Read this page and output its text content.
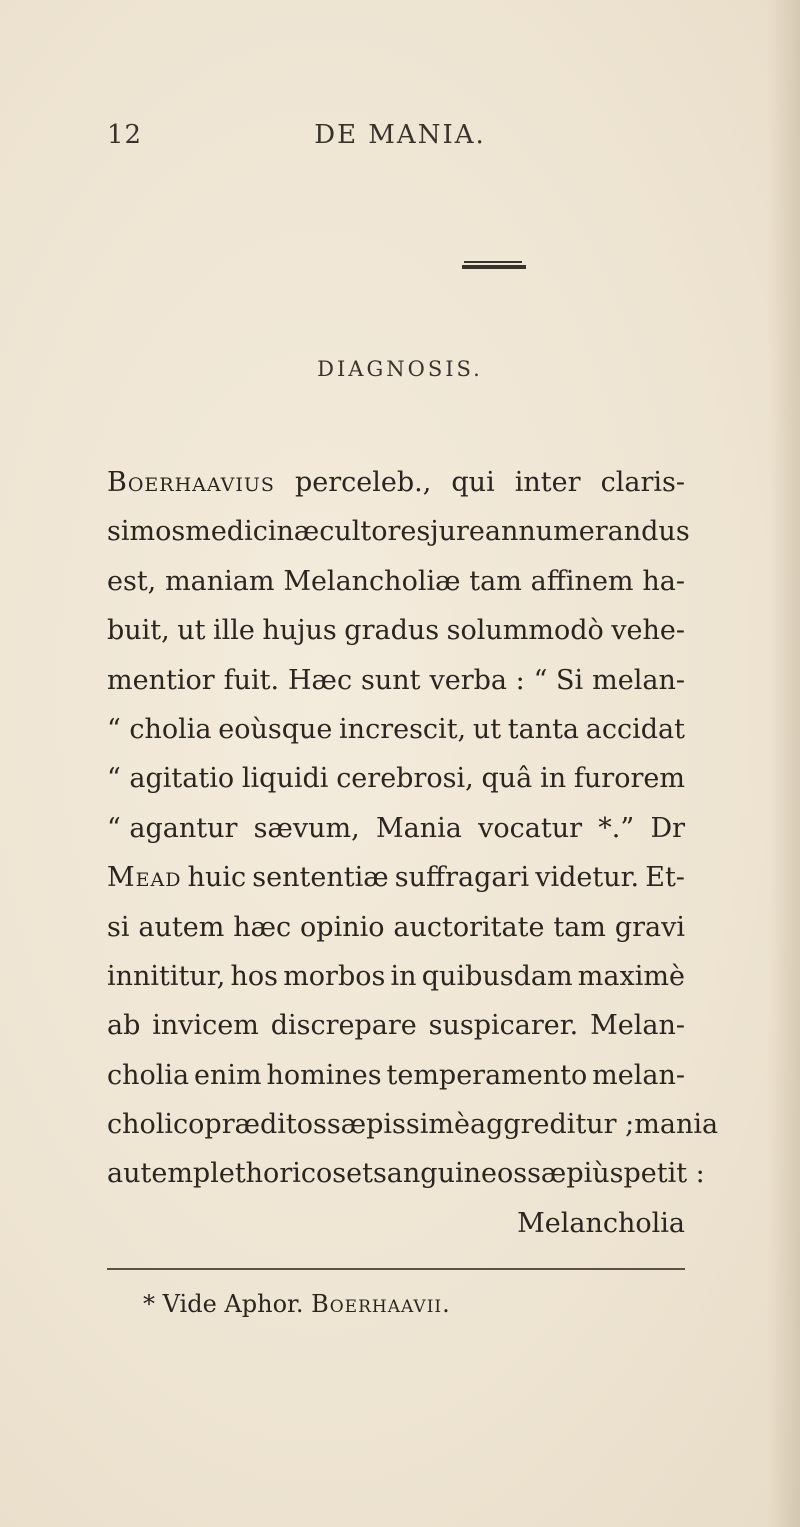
12	DE MANIA.
DIAGNOSIS.
Boerhaavius perceleb., qui inter claris-
simos medicinæ cultores jure annumerandus
est, maniam Melancholiæ tam affinem ha-
buit, ut ille hujus gradus solummodò vehe-
mentior fuit. Hæc sunt verba : “ Si melan-
“ cholia eoùsque increscit, ut tanta accidat
“ agitatio liquidi cerebrosi, quâ in furorem
“ agantur sævum, Mania vocatur *.” Dr
Mead huic sententiæ suffragari videtur. Et-
si autem hæc opinio auctoritate tam gravi
innititur, hos morbos in quibusdam maximè
ab invicem discrepare suspicarer. Melan-
cholia enim homines temperamento melan-
cholico præditos sæpissimè aggreditur ; mania
autem plethoricos et sanguineos sæpiùs petit :
Melancholia
* Vide Aphor. Boerhaavii.
